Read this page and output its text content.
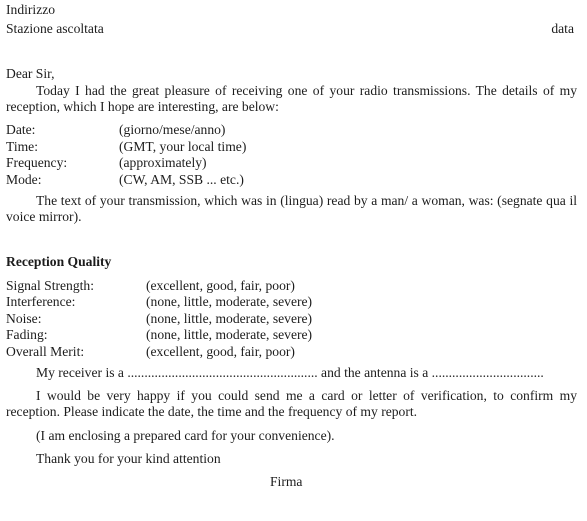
Indirizzo
Stazione ascoltata	data
Dear Sir,
Today I had the great pleasure of receiving one of your radio transmissions. The details of my reception, which I hope are interesting, are below:
Date:	(giorno/mese/anno)
Time:	(GMT, your local time)
Frequency:	(approximately)
Mode:	(CW, AM, SSB ... etc.)
The text of your transmission, which was in (lingua) read by a man/ a woman, was: (segnate qua il voice mirror).
Reception Quality
Signal Strength:	(excellent, good, fair, poor)
Interference:	(none, little, moderate, severe)
Noise:	(none, little, moderate, severe)
Fading:	(none, little, moderate, severe)
Overall Merit:	(excellent, good, fair, poor)
My receiver is a ........................................................ and the antenna is a .................................
I would be very happy if you could send me a card or letter of verification, to confirm my reception. Please indicate the date, the time and the frequency of my report.
(I am enclosing a prepared card for your convenience).
Thank you for your kind attention
Firma
